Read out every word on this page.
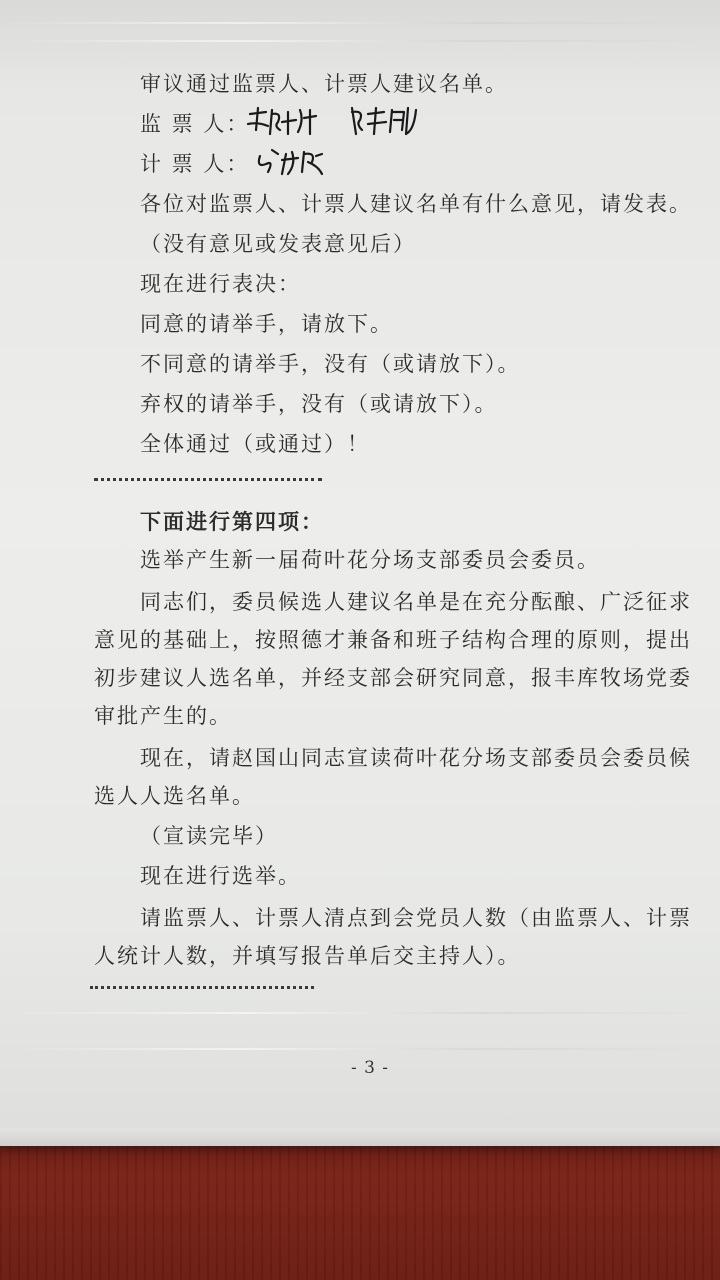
审议通过监票人、计票人建议名单。
监 票 人：
计 票 人：
各位对监票人、计票人建议名单有什么意见，请发表。
（没有意见或发表意见后）
现在进行表决：
同意的请举手，请放下。
不同意的请举手，没有（或请放下）。
弃权的请举手，没有（或请放下）。
全体通过（或通过）！
下面进行第四项：
选举产生新一届荷叶花分场支部委员会委员。
同志们，委员候选人建议名单是在充分酝酿、广泛征求
意见的基础上，按照德才兼备和班子结构合理的原则，提出
初步建议人选名单，并经支部会研究同意，报丰库牧场党委
审批产生的。
现在，请赵国山同志宣读荷叶花分场支部委员会委员候
选人人选名单。
（宣读完毕）
现在进行选举。
请监票人、计票人清点到会党员人数（由监票人、计票
人统计人数，并填写报告单后交主持人）。
- 3 -
